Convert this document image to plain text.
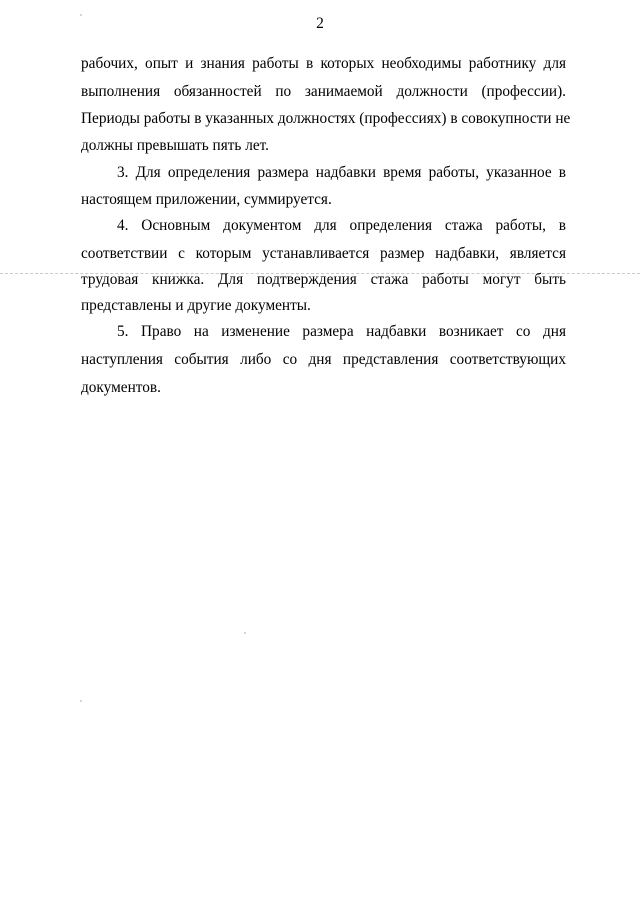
2
рабочих, опыт и знания работы в которых необходимы работнику для
выполнения обязанностей по занимаемой должности (профессии).
Периоды работы в указанных должностях (профессиях) в совокупности не
должны превышать пять лет.
3. Для определения размера надбавки время работы, указанное в
настоящем приложении, суммируется.
4. Основным документом для определения стажа работы, в
соответствии с которым устанавливается размер надбавки, является
трудовая книжка. Для подтверждения стажа работы могут быть
представлены и другие документы.
5. Право на изменение размера надбавки возникает со дня
наступления события либо со дня представления соответствующих
документов.
